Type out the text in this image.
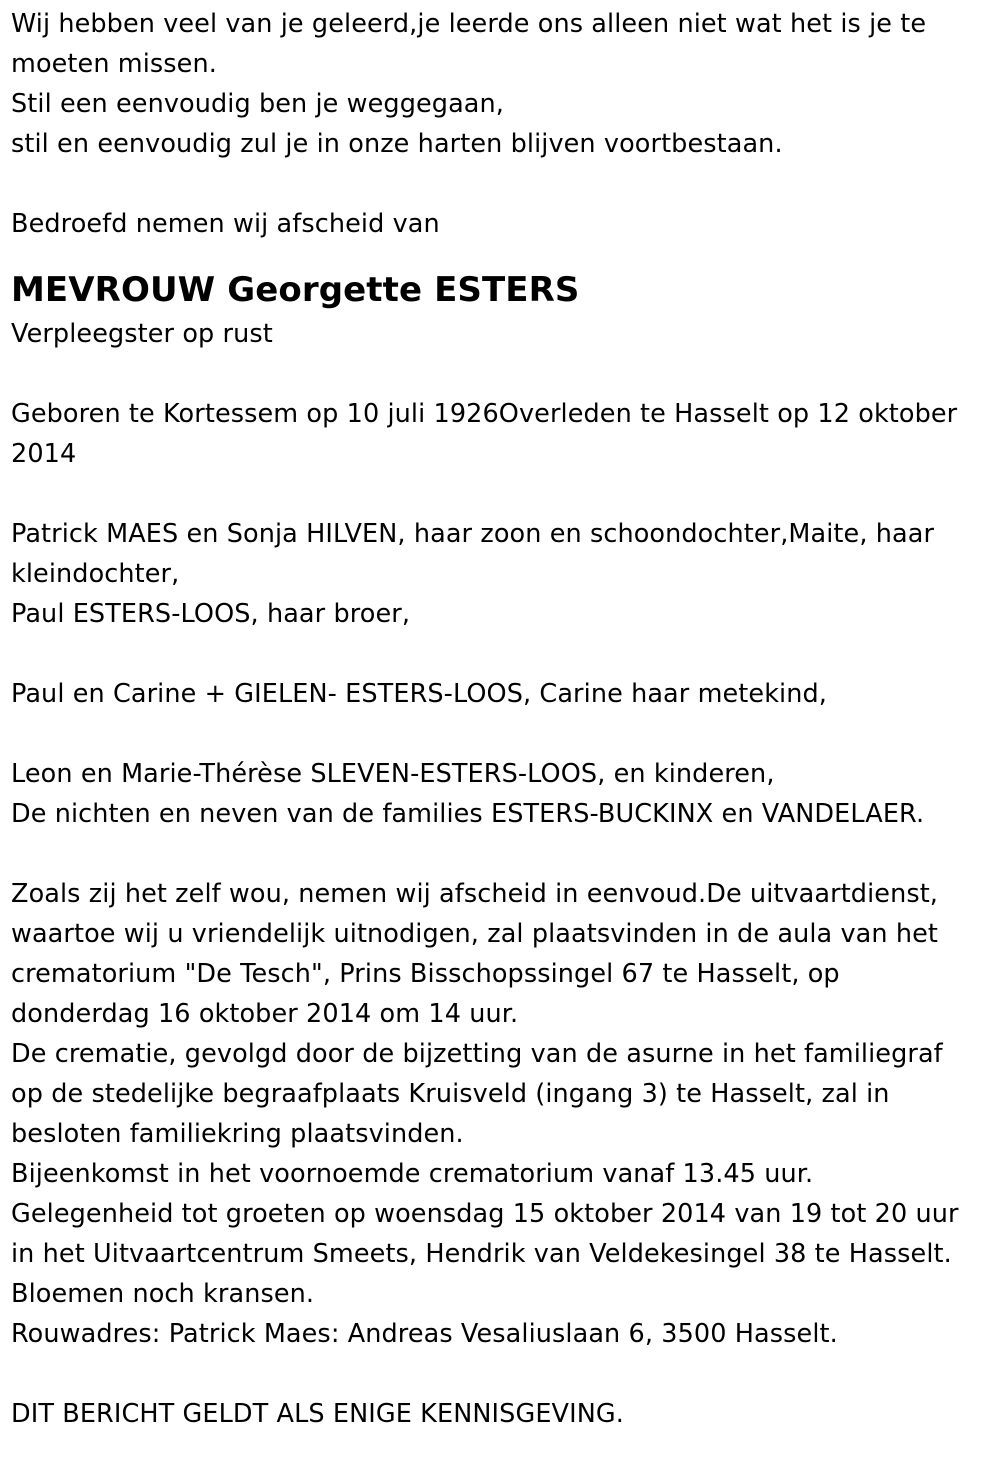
Wij hebben veel van je geleerd,je leerde ons alleen niet wat het is je te
moeten missen.
Stil een eenvoudig ben je weggegaan,
stil en eenvoudig zul je in onze harten blijven voortbestaan.
Bedroefd nemen wij afscheid van
MEVROUW Georgette ESTERS
Verpleegster op rust
Geboren te Kortessem op 10 juli 1926Overleden te Hasselt op 12 oktober
2014
Patrick MAES en Sonja HILVEN, haar zoon en schoondochter,Maite, haar
kleindochter,
Paul ESTERS-LOOS, haar broer,
Paul en Carine + GIELEN- ESTERS-LOOS, Carine haar metekind,
Leon en Marie-Thérèse SLEVEN-ESTERS-LOOS, en kinderen,
De nichten en neven van de families ESTERS-BUCKINX en VANDELAER.
Zoals zij het zelf wou, nemen wij afscheid in eenvoud.De uitvaartdienst,
waartoe wij u vriendelijk uitnodigen, zal plaatsvinden in de aula van het
crematorium "De Tesch", Prins Bisschopssingel 67 te Hasselt, op
donderdag 16 oktober 2014 om 14 uur.
De crematie, gevolgd door de bijzetting van de asurne in het familiegraf
op de stedelijke begraafplaats Kruisveld (ingang 3) te Hasselt, zal in
besloten familiekring plaatsvinden.
Bijeenkomst in het voornoemde crematorium vanaf 13.45 uur.
Gelegenheid tot groeten op woensdag 15 oktober 2014 van 19 tot 20 uur
in het Uitvaartcentrum Smeets, Hendrik van Veldekesingel 38 te Hasselt.
Bloemen noch kransen.
Rouwadres: Patrick Maes: Andreas Vesaliuslaan 6, 3500 Hasselt.
DIT BERICHT GELDT ALS ENIGE KENNISGEVING.
